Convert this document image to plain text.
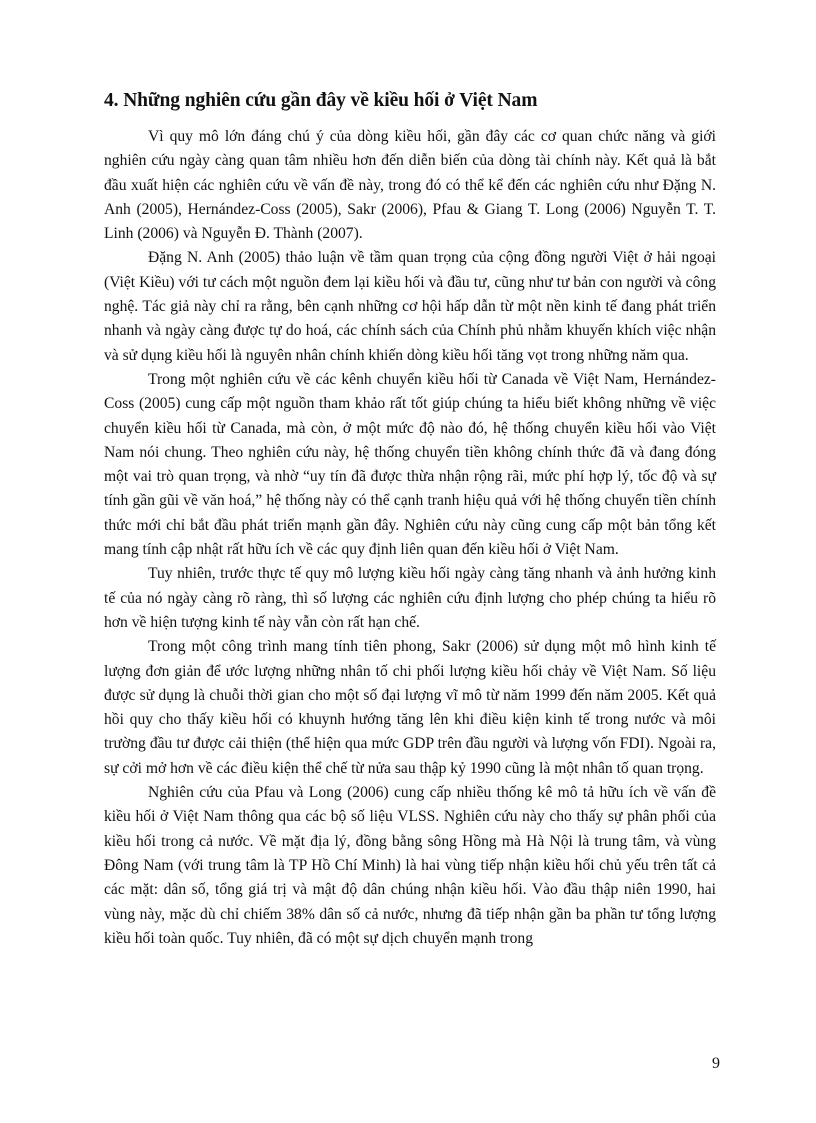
4. Những nghiên cứu gần đây về kiều hối ở Việt Nam

Vì quy mô lớn đáng chú ý của dòng kiều hối, gần đây các cơ quan chức năng và giới nghiên cứu ngày càng quan tâm nhiều hơn đến diễn biến của dòng tài chính này. Kết quả là bắt đầu xuất hiện các nghiên cứu về vấn đề này, trong đó có thể kể đến các nghiên cứu như Đặng N. Anh (2005), Hernández-Coss (2005), Sakr (2006), Pfau & Giang T. Long (2006) Nguyễn T. T. Linh (2006) và Nguyễn Đ. Thành (2007).

Đặng N. Anh (2005) thảo luận về tầm quan trọng của cộng đồng người Việt ở hải ngoại (Việt Kiều) với tư cách một nguồn đem lại kiều hối và đầu tư, cũng như tư bản con người và công nghệ. Tác giả này chỉ ra rằng, bên cạnh những cơ hội hấp dẫn từ một nền kinh tế đang phát triển nhanh và ngày càng được tự do hoá, các chính sách của Chính phủ nhằm khuyến khích việc nhận và sử dụng kiều hối là nguyên nhân chính khiến dòng kiều hối tăng vọt trong những năm qua.

Trong một nghiên cứu về các kênh chuyển kiều hối từ Canada về Việt Nam, Hernández-Coss (2005) cung cấp một nguồn tham khảo rất tốt giúp chúng ta hiểu biết không những về việc chuyển kiều hối từ Canada, mà còn, ở một mức độ nào đó, hệ thống chuyển kiều hối vào Việt Nam nói chung. Theo nghiên cứu này, hệ thống chuyển tiền không chính thức đã và đang đóng một vai trò quan trọng, và nhờ “uy tín đã được thừa nhận rộng rãi, mức phí hợp lý, tốc độ và sự tính gần gũi về văn hoá,” hệ thống này có thể cạnh tranh hiệu quả với hệ thống chuyển tiền chính thức mới chỉ bắt đầu phát triển mạnh gần đây. Nghiên cứu này cũng cung cấp một bản tổng kết mang tính cập nhật rất hữu ích về các quy định liên quan đến kiều hối ở Việt Nam.

Tuy nhiên, trước thực tế quy mô lượng kiều hối ngày càng tăng nhanh và ảnh hưởng kinh tế của nó ngày càng rõ ràng, thì số lượng các nghiên cứu định lượng cho phép chúng ta hiểu rõ hơn về hiện tượng kinh tế này vẫn còn rất hạn chế.

Trong một công trình mang tính tiên phong, Sakr (2006) sử dụng một mô hình kinh tế lượng đơn giản để ước lượng những nhân tố chi phối lượng kiều hối chảy về Việt Nam. Số liệu được sử dụng là chuỗi thời gian cho một số đại lượng vĩ mô từ năm 1999 đến năm 2005. Kết quả hồi quy cho thấy kiều hối có khuynh hướng tăng lên khi điều kiện kinh tế trong nước và môi trường đầu tư được cải thiện (thể hiện qua mức GDP trên đầu người và lượng vốn FDI). Ngoài ra, sự cởi mở hơn về các điều kiện thể chế từ nửa sau thập kỷ 1990 cũng là một nhân tố quan trọng.

Nghiên cứu của Pfau và Long (2006) cung cấp nhiều thống kê mô tả hữu ích về vấn đề kiều hối ở Việt Nam thông qua các bộ số liệu VLSS. Nghiên cứu này cho thấy sự phân phối của kiều hối trong cả nước. Về mặt địa lý, đồng bằng sông Hồng mà Hà Nội là trung tâm, và vùng Đông Nam (với trung tâm là TP Hồ Chí Minh) là hai vùng tiếp nhận kiều hối chủ yếu trên tất cả các mặt: dân số, tổng giá trị và mật độ dân chúng nhận kiều hối. Vào đầu thập niên 1990, hai vùng này, mặc dù chỉ chiếm 38% dân số cả nước, nhưng đã tiếp nhận gần ba phần tư tổng lượng kiều hối toàn quốc. Tuy nhiên, đã có một sự dịch chuyển mạnh trong

9
